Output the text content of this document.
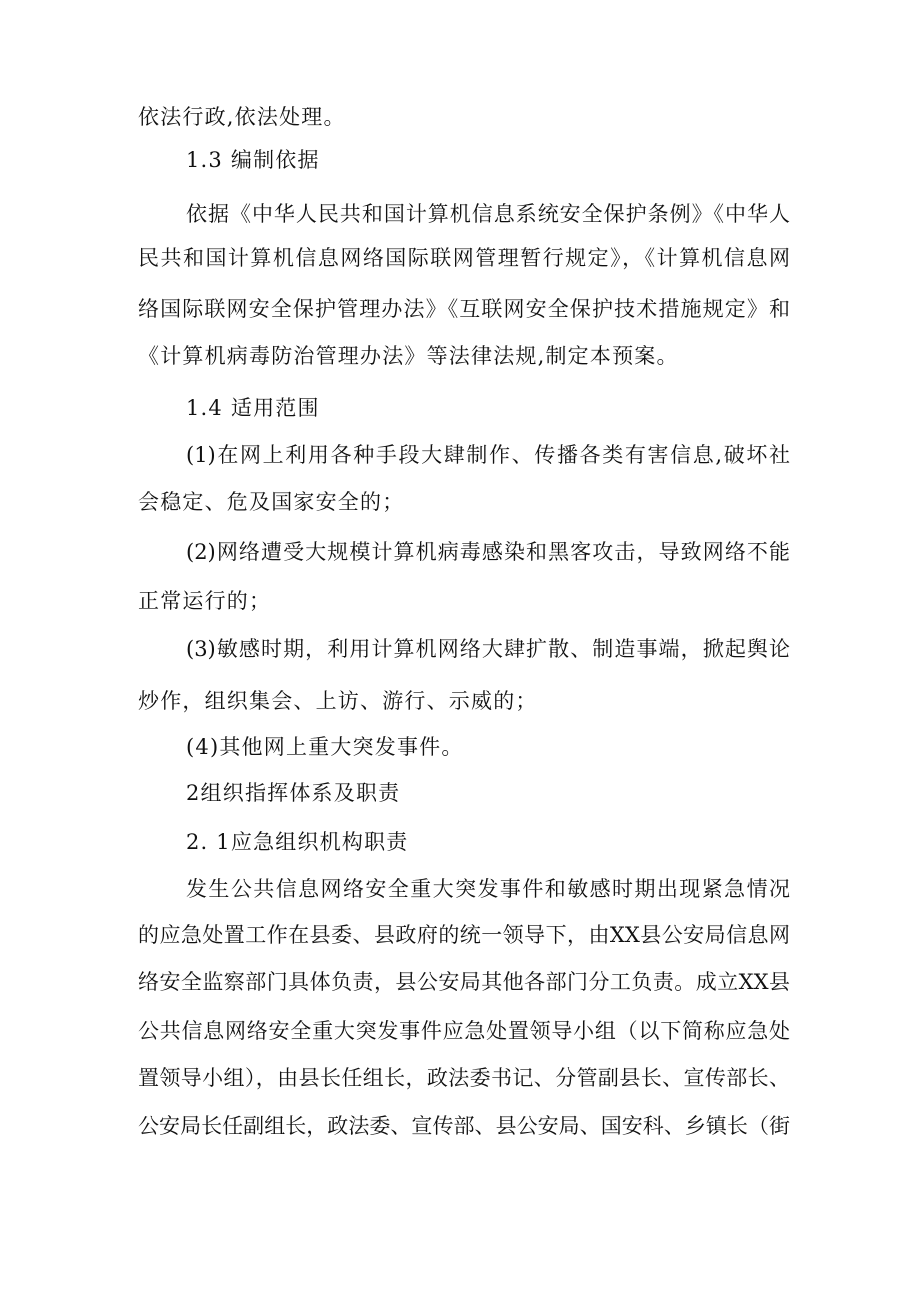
依法行政,依法处理。

1.3 编制依据

依据《中华人民共和国计算机信息系统安全保护条例》《中华人

民共和国计算机信息网络国际联网管理暂行规定》，《计算机信息网

络国际联网安全保护管理办法》《互联网安全保护技术措施规定》和

《计算机病毒防治管理办法》等法律法规,制定本预案。

1.4 适用范围

(1)在网上利用各种手段大肆制作、传播各类有害信息,破坏社

会稳定、危及国家安全的；

(2)网络遭受大规模计算机病毒感染和黑客攻击，导致网络不能

正常运行的；

(3)敏感时期，利用计算机网络大肆扩散、制造事端，掀起舆论

炒作，组织集会、上访、游行、示威的；

(4)其他网上重大突发事件。

2组织指挥体系及职责

2. 1应急组织机构职责

发生公共信息网络安全重大突发事件和敏感时期出现紧急情况

的应急处置工作在县委、县政府的统一领导下，由XX县公安局信息网

络安全监察部门具体负责，县公安局其他各部门分工负责。成立XX县

公共信息网络安全重大突发事件应急处置领导小组（以下简称应急处

置领导小组），由县长任组长，政法委书记、分管副县长、宣传部长、

公安局长任副组长，政法委、宣传部、县公安局、国安科、乡镇长（街
